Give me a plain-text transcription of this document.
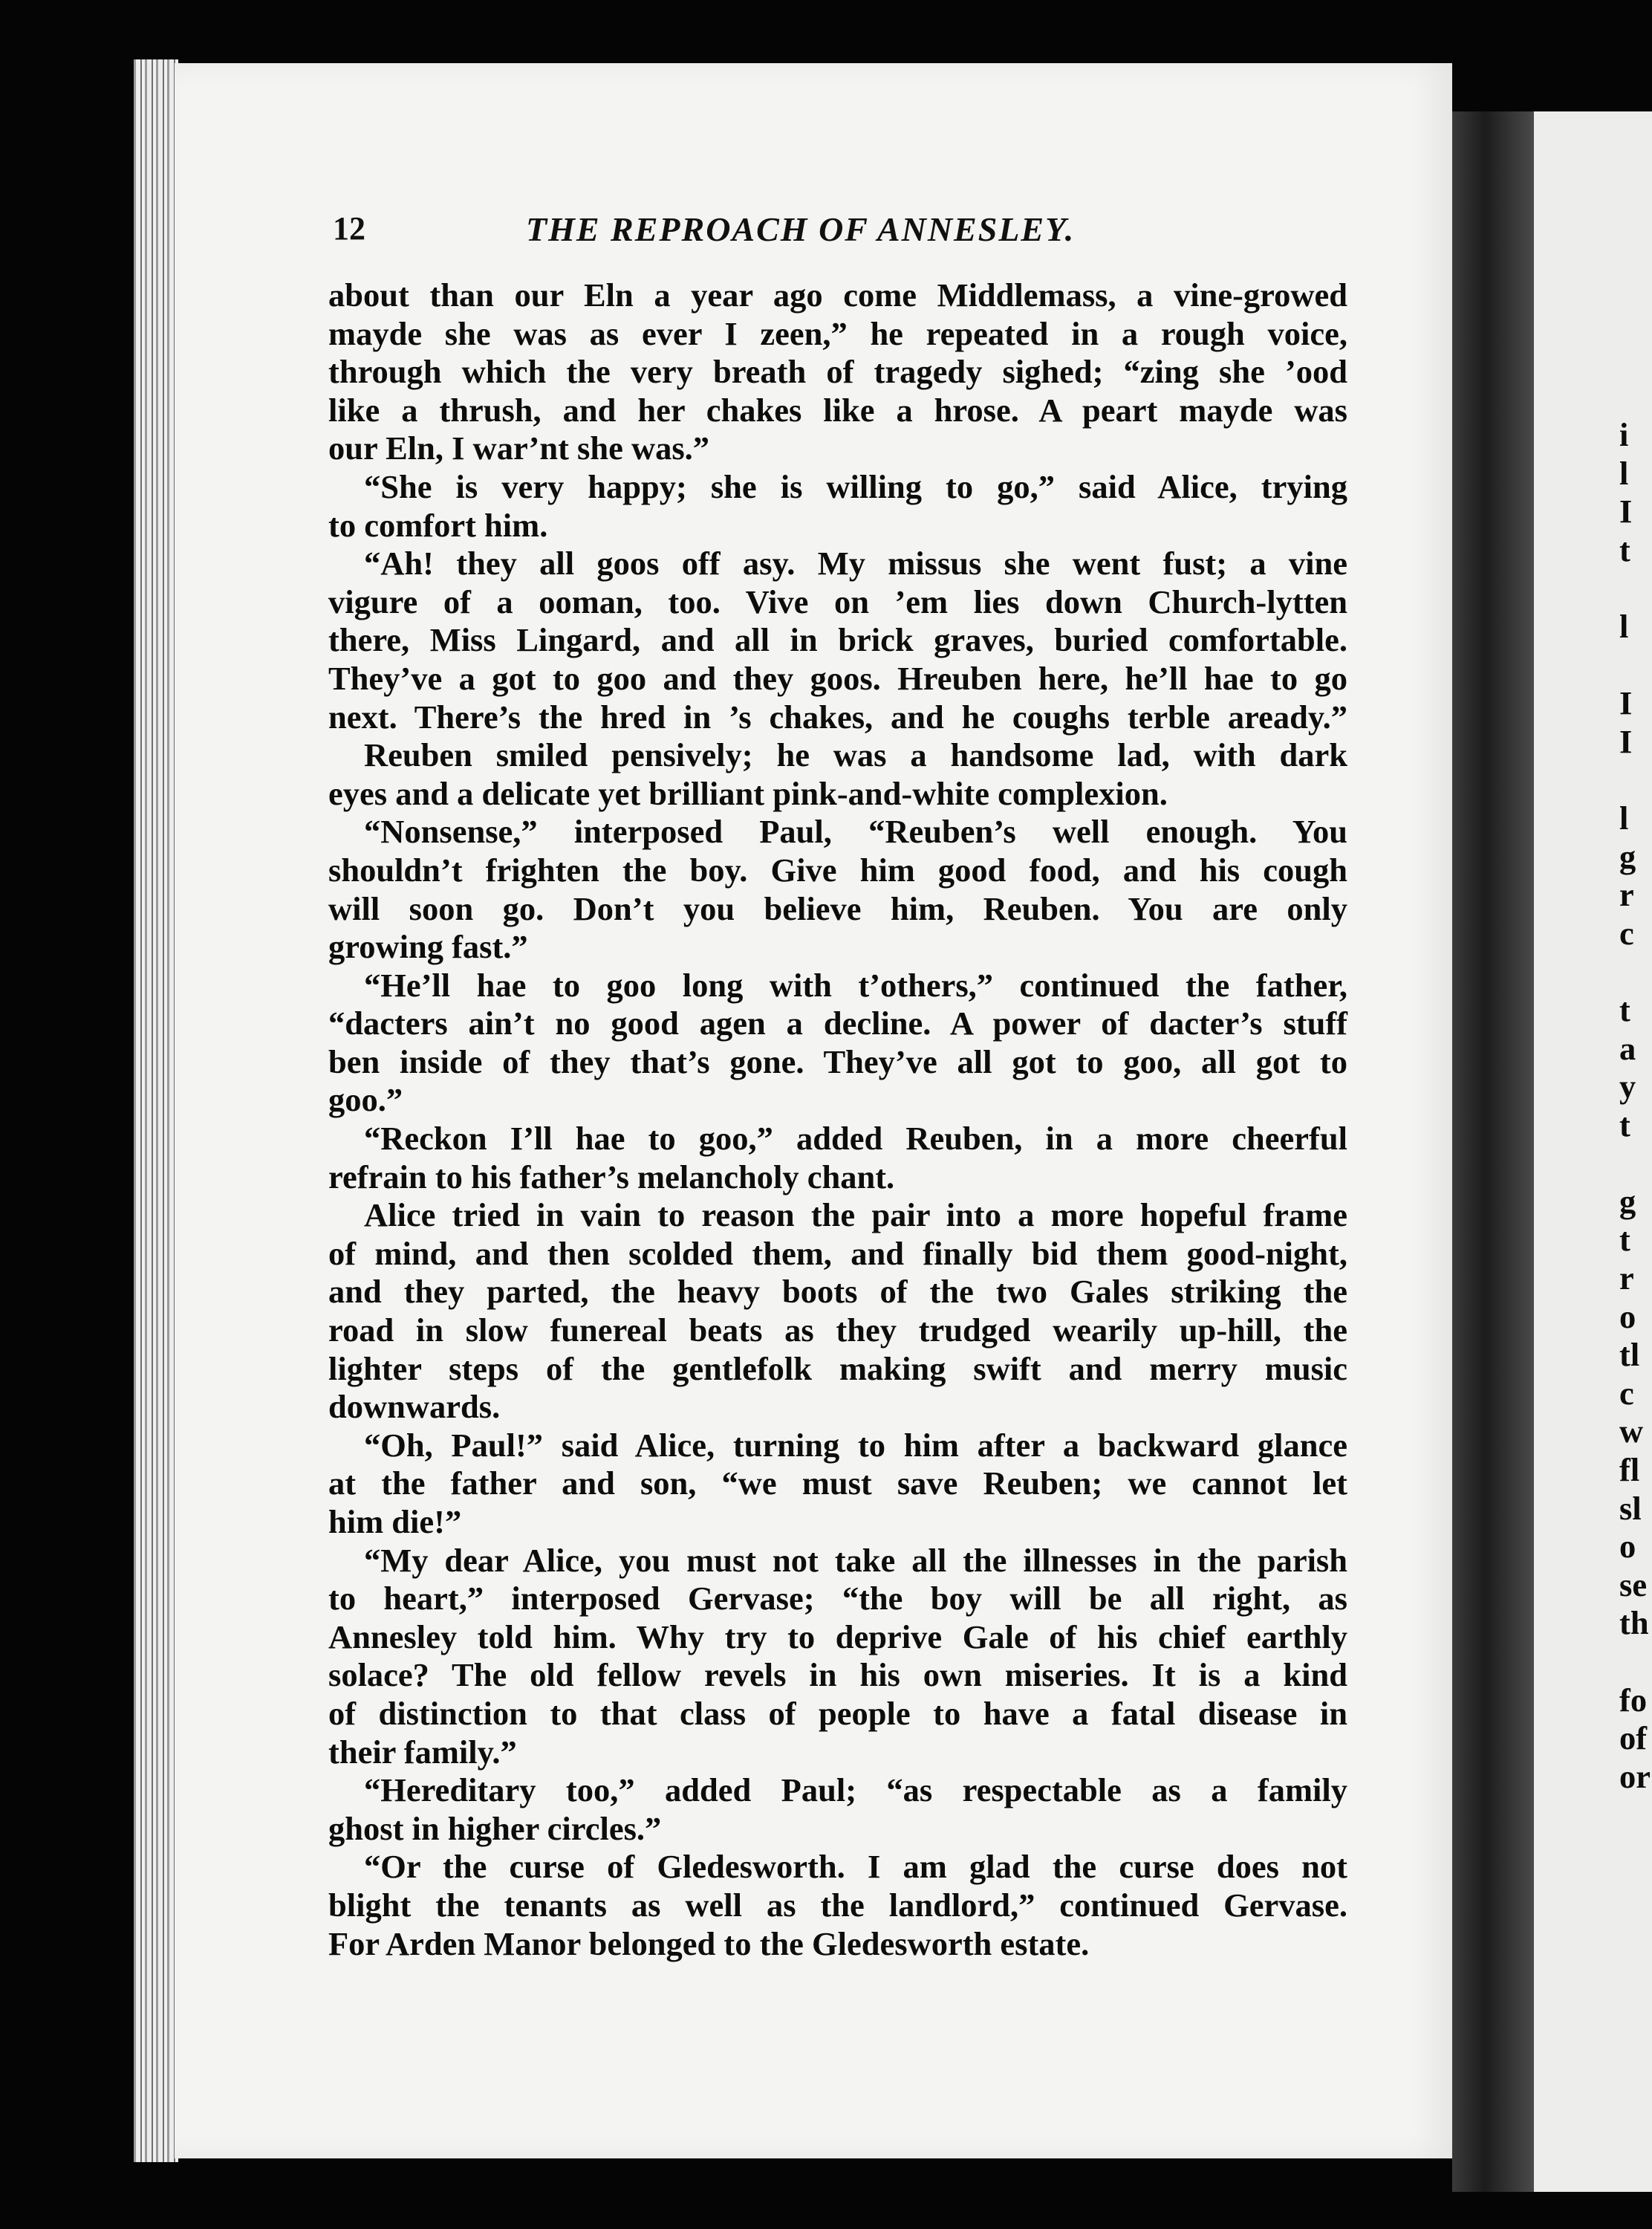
12	THE REPROACH OF ANNESLEY.
about than our Eln a year ago come Middlemass, a vine-growed
mayde she was as ever I zeen,” he repeated in a rough voice,
through which the very breath of tragedy sighed; “zing she ’ood
like a thrush, and her chakes like a hrose. A peart mayde was
our Eln, I war’nt she was.”
“She is very happy; she is willing to go,” said Alice, trying
to comfort him.
“Ah! they all goos off asy. My missus she went fust; a vine
vigure of a ooman, too. Vive on ’em lies down Church-lytten
there, Miss Lingard, and all in brick graves, buried comfortable.
They’ve a got to goo and they goos. Hreuben here, he’ll hae to go
next. There’s the hred in ’s chakes, and he coughs terble aready.”
Reuben smiled pensively; he was a handsome lad, with dark
eyes and a delicate yet brilliant pink-and-white complexion.
“Nonsense,” interposed Paul, “Reuben’s well enough. You
shouldn’t frighten the boy. Give him good food, and his cough
will soon go. Don’t you believe him, Reuben. You are only
growing fast.”
“He’ll hae to goo long with t’others,” continued the father,
“dacters ain’t no good agen a decline. A power of dacter’s stuff
ben inside of they that’s gone. They’ve all got to goo, all got to
goo.”
“Reckon I’ll hae to goo,” added Reuben, in a more cheerful
refrain to his father’s melancholy chant.
Alice tried in vain to reason the pair into a more hopeful frame
of mind, and then scolded them, and finally bid them good-night,
and they parted, the heavy boots of the two Gales striking the
road in slow funereal beats as they trudged wearily up-hill, the
lighter steps of the gentlefolk making swift and merry music
downwards.
“Oh, Paul!” said Alice, turning to him after a backward glance
at the father and son, “we must save Reuben; we cannot let
him die!”
“My dear Alice, you must not take all the illnesses in the parish
to heart,” interposed Gervase; “the boy will be all right, as
Annesley told him. Why try to deprive Gale of his chief earthly
solace? The old fellow revels in his own miseries. It is a kind
of distinction to that class of people to have a fatal disease in
their family.”
“Hereditary too,” added Paul; “as respectable as a family
ghost in higher circles.”
“Or the curse of Gledesworth. I am glad the curse does not
blight the tenants as well as the landlord,” continued Gervase.
For Arden Manor belonged to the Gledesworth estate.
i
l
I
t
l
I
I
l
g
r
c
t
a
y
t
g
t
r
o
tl
c
w
fl
sl
o
se
th
fo
of
or
